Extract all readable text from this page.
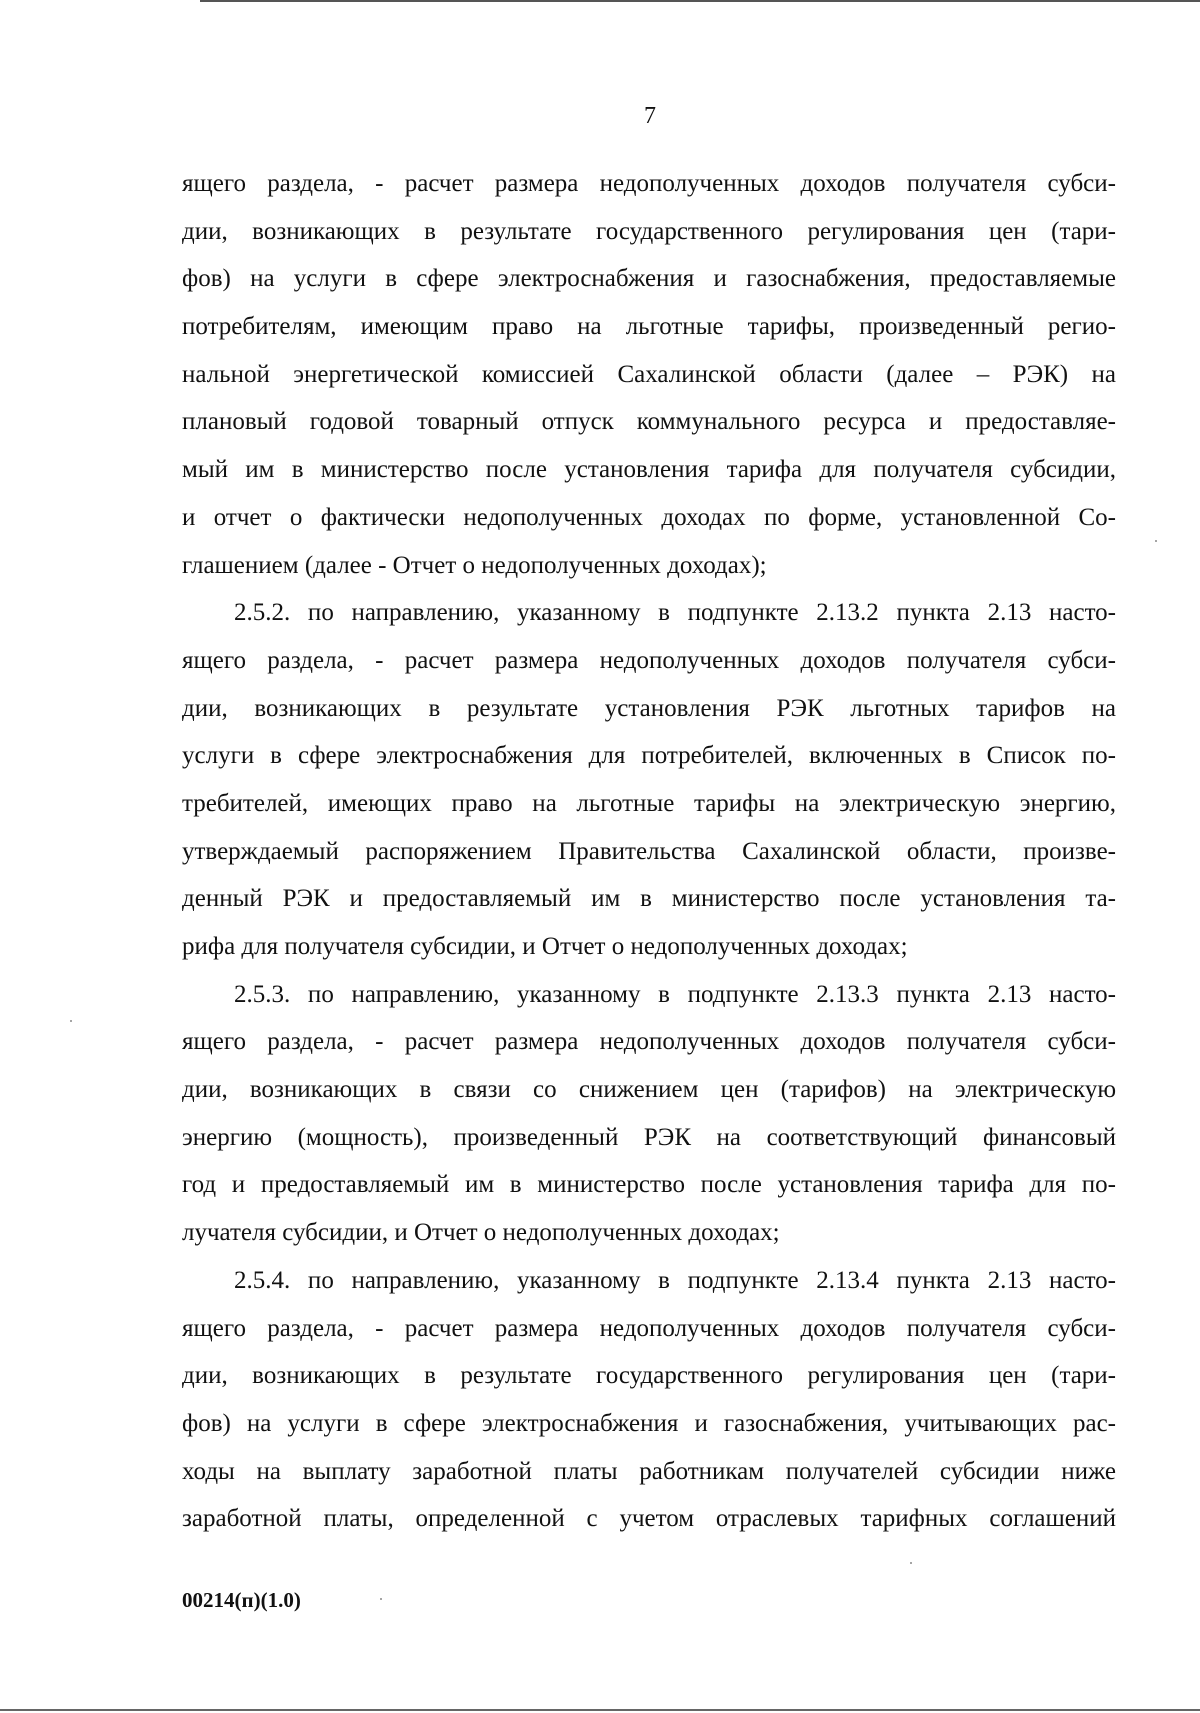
7
ящего раздела, - расчет размера недополученных доходов получателя субси-
дии, возникающих в результате государственного регулирования цен (тари-
фов) на услуги в сфере электроснабжения и газоснабжения, предоставляемые
потребителям, имеющим право на льготные тарифы, произведенный регио-
нальной энергетической комиссией Сахалинской области (далее – РЭК) на
плановый годовой товарный отпуск коммунального ресурса и предоставляе-
мый им в министерство после установления тарифа для получателя субсидии,
и отчет о фактически недополученных доходах по форме, установленной Со-
глашением (далее - Отчет о недополученных доходах);
2.5.2. по направлению, указанному в подпункте 2.13.2 пункта 2.13 насто-
ящего раздела, - расчет размера недополученных доходов получателя субси-
дии, возникающих в результате установления РЭК льготных тарифов на
услуги в сфере электроснабжения для потребителей, включенных в Список по-
требителей, имеющих право на льготные тарифы на электрическую энергию,
утверждаемый распоряжением Правительства Сахалинской области, произве-
денный РЭК и предоставляемый им в министерство после установления та-
рифа для получателя субсидии, и Отчет о недополученных доходах;
2.5.3. по направлению, указанному в подпункте 2.13.3 пункта 2.13 насто-
ящего раздела, - расчет размера недополученных доходов получателя субси-
дии, возникающих в связи со снижением цен (тарифов) на электрическую
энергию (мощность), произведенный РЭК на соответствующий финансовый
год и предоставляемый им в министерство после установления тарифа для по-
лучателя субсидии, и Отчет о недополученных доходах;
2.5.4. по направлению, указанному в подпункте 2.13.4 пункта 2.13 насто-
ящего раздела, - расчет размера недополученных доходов получателя субси-
дии, возникающих в результате государственного регулирования цен (тари-
фов) на услуги в сфере электроснабжения и газоснабжения, учитывающих рас-
ходы на выплату заработной платы работникам получателей субсидии ниже
заработной платы, определенной с учетом отраслевых тарифных соглашений
00214(п)(1.0)
